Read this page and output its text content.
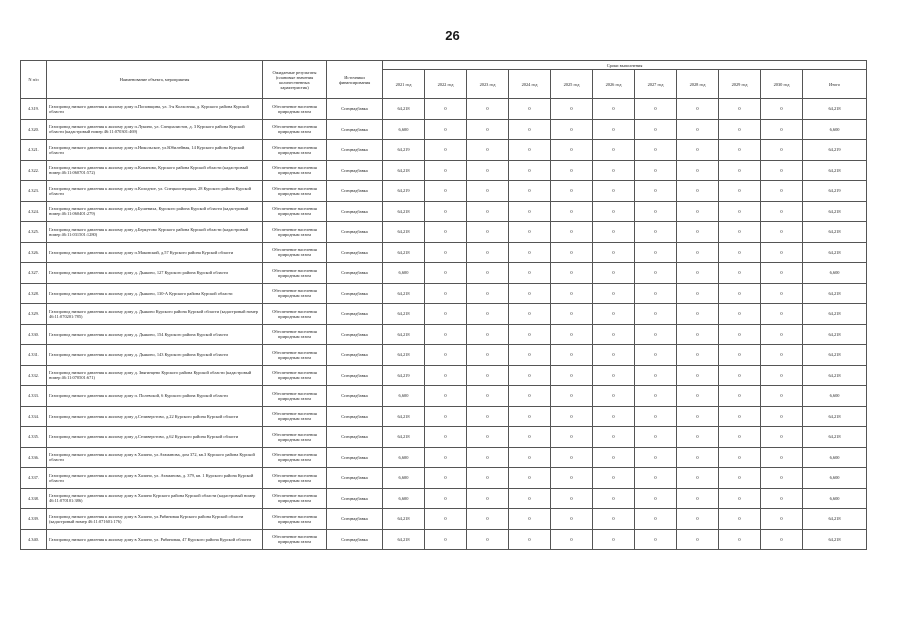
26
N п/п	Наименование объекта, мероприятия	Ожидаемые результаты (плановые значения количественных характеристик)	Источники финансирования	Сроки выполнения										
				2021 год	2022 год	2023 год	2024 год	2025 год	2026 год	2027 год	2028 год	2029 год	2030 год	Итого
4.319.	Газопровод низкого давления к жилому дому п.Поповщина, ул. 3-я Колхозная, д. Курского района Курской области	Обеспечение населения природным газом	Спецнадбавка	64,218	0	0	0	0	0	0	0	0	0	64,218
4.320.	Газопровод низкого давления к жилому дому п.Лукино, ул. Специалистов, д. 3 Курского района Курской области (кадастровый номер 46:11:070301:469)	Обеспечение населения природным газом	Спецнадбавка	6,600	0	0	0	0	0	0	0	0	0	6,600
4.321.	Газопровод низкого давления к жилому дому п.Никольское, ул.Юбилейная, 14 Курского района Курской области	Обеспечение населения природным газом	Спецнадбавка	64,219	0	0	0	0	0	0	0	0	0	64,219
4.322.	Газопровод низкого давления к жилому дому п.Копаново, Курского района Курской области (кадастровый номер 46:11:060701:572)	Обеспечение населения природным газом	Спецнадбавка	64,218	0	0	0	0	0	0	0	0	0	64,218
4.323.	Газопровод низкого давления к жилому дому п.Колодное, ул. Спецкооперации, 28 Курского района Курской области	Обеспечение населения природным газом	Спецнадбавка	64,219	0	0	0	0	0	0	0	0	0	64,219
4.324.	Газопровод низкого давления к жилому дому д.Бушевиха, Курского района Курской области (кадастровый номер 46:11:060401:279)	Обеспечение населения природным газом	Спецнадбавка	64,218	0	0	0	0	0	0	0	0	0	64,218
4.325.	Газопровод низкого давления к жилому дому д.Беркутово Курского района Курской области (кадастровый номер 46:11:031501:1280)	Обеспечение населения природным газом	Спецнадбавка	64,218	0	0	0	0	0	0	0	0	0	64,218
4.326.	Газопровод низкого давления к жилому дому п.Маковский, д.57 Курского района Курской области	Обеспечение населения природным газом	Спецнадбавка	64,218	0	0	0	0	0	0	0	0	0	64,218
4.327.	Газопровод низкого давления к жилому дому д. Дьяконо, 127 Курского района Курской области	Обеспечение населения природным газом	Спецнадбавка	6,600	0	0	0	0	0	0	0	0	0	6,600
4.328.	Газопровод низкого давления к жилому дому д. Дьяконо, 130-А Курского района Курской области	Обеспечение населения природным газом	Спецнадбавка	64,218	0	0	0	0	0	0	0	0	0	64,218
4.329.	Газопровод низкого давления к жилому дому д. Дьяконо Курского района Курской области (кадастровый номер 46:11:070201:785)	Обеспечение населения природным газом	Спецнадбавка	64,218	0	0	0	0	0	0	0	0	0	64,218
4.330.	Газопровод низкого давления к жилому дому д. Дьяконо, 154 Курского района Курской области	Обеспечение населения природным газом	Спецнадбавка	64,218	0	0	0	0	0	0	0	0	0	64,218
4.331.	Газопровод низкого давления к жилому дому д. Дьяконо, 143 Курского района Курской области	Обеспечение населения природным газом	Спецнадбавка	64,218	0	0	0	0	0	0	0	0	0	64,218
4.332.	Газопровод низкого давления к жилому дому д. Звягинцево Курского района Курской области (кадастровый номер 46:11:070501:671)	Обеспечение населения природным газом	Спецнадбавка	64,219	0	0	0	0	0	0	0	0	0	64,218
4.333.	Газопровод низкого давления к жилому дому п. Полевской, 6 Курского района Курской области	Обеспечение населения природным газом	Спецнадбавка	6,600	0	0	0	0	0	0	0	0	0	6,600
4.334.	Газопровод низкого давления к жилому дому д.Селиверстово, д.22 Курского района Курской области	Обеспечение населения природным газом	Спецнадбавка	64,218	0	0	0	0	0	0	0	0	0	64,218
4.335.	Газопровод низкого давления к жилому дому д.Селиверстово, д.62 Курского района Курской области	Обеспечение населения природным газом	Спецнадбавка	64,218	0	0	0	0	0	0	0	0	0	64,218
4.336.	Газопровод низкого давления к жилому дому в Халино, ул.Атаманова, дом 372, кв.3 Курского района Курской области	Обеспечение населения природным газом	Спецнадбавка	6,600	0	0	0	0	0	0	0	0	0	6,600
4.337.	Газопровод низкого давления к жилому дому в Халино, ул. Атаманова, д. 379, кв. 1 Курского района Курской области	Обеспечение населения природным газом	Спецнадбавка	6,600	0	0	0	0	0	0	0	0	0	6,600
4.338.	Газопровод низкого давления к жилому дому в Халино Курского района Курской области (кадастровый номер 46:11:070101:386)	Обеспечение населения природным газом	Спецнадбавка	6,600	0	0	0	0	0	0	0	0	0	6,600
4.339.	Газопровод низкого давления к жилому дому в Халино, ул.Рябиновая Курского района Курской области (кадастровый номер 46:11:071601:176)	Обеспечение населения природным газом	Спецнадбавка	64,218	0	0	0	0	0	0	0	0	0	64,218
4.340.	Газопровод низкого давления к жилому дому в Халино, ул. Рябиновая, 47 Курского района Курской области	Обеспечение населения природным газом	Спецнадбавка	64,218	0	0	0	0	0	0	0	0	0	64,218
